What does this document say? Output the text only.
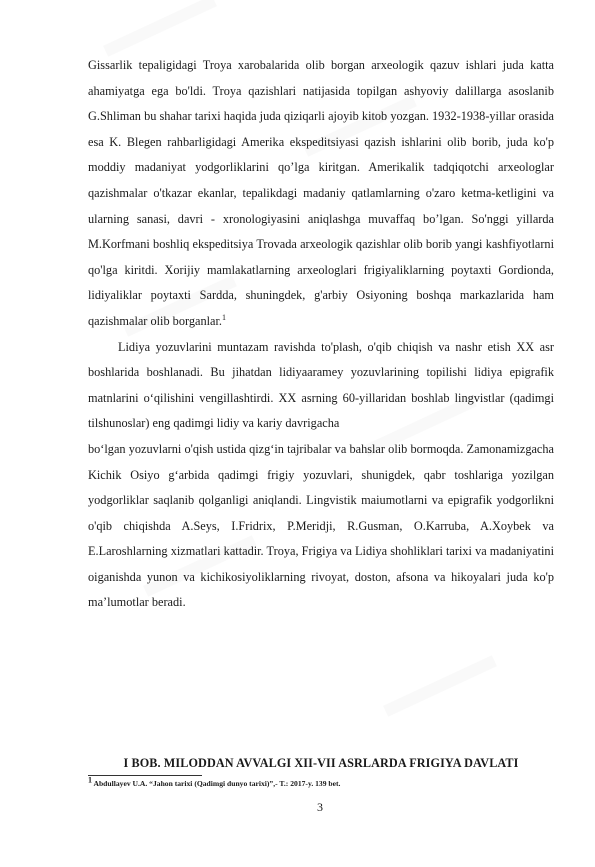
Gissarlik tepaligidagi Troya xarobalarida olib borgan arxeologik qazuv ishlari juda katta ahamiyatga ega bo'ldi. Troya qazishlari natijasida topilgan ashyoviy dalillarga asoslanib G.Shliman bu shahar tarixi haqida juda qiziqarli ajoyib kitob yozgan. 1932-1938-yillar orasida esa K. Blegen rahbarligidagi Amerika ekspeditsiyasi qazish ishlarini olib borib, juda ko'p moddiy madaniyat yodgorliklarini qo’lga kiritgan. Amerikalik tadqiqotchi arxeologlar qazishmalar o'tkazar ekanlar, tepalikdagi madaniy qatlamlarning o'zaro ketma-ketligini va ularning sanasi, davri - xronologiyasini aniqlashga muvaffaq bo’lgan. So'nggi yillarda M.Korfmani boshliq ekspeditsiya Trovada arxeologik qazishlar olib borib yangi kashfiyotlarni qo'lga kiritdi. Xorijiy mamlakatlarning arxeologlari frigiyaliklarning poytaxti Gordionda, lidiyaliklar poytaxti Sardda, shuningdek, g'arbiy Osiyoning boshqa markazlarida ham qazishmalar olib borganlar.$^1$

Lidiya yozuvlarini muntazam ravishda to'plash, o'qib chiqish va nashr etish XX asr boshlarida boshlanadi. Bu jihatdan lidiyaaramey yozuvlarining topilishi lidiya epigrafik matnlarini o‘qilishini vengillashtirdi. XX asrning 60-yillaridan boshlab lingvistlar (qadimgi tilshunoslar) eng qadimgi lidiy va kariy davrigacha

bo‘lgan yozuvlarni o'qish ustida qizg‘in tajribalar va bahslar olib bormoqda. Zamonamizgacha Kichik Osiyo g‘arbida qadimgi frigiy yozuvlari, shunigdek, qabr toshlariga yozilgan yodgorliklar saqlanib qolganligi aniqlandi. Lingvistik maiumotlarni va epigrafik yodgorlikni o'qib chiqishda A.Seys, I.Fridrix, P.Meridji, R.Gusman, O.Karruba, A.Xoybek va E.Laroshlarning xizmatlari kattadir. Troya, Frigiya va Lidiya shohliklari tarixi va madaniyatini oiganishda yunon va kichikosiyoliklarning rivoyat, doston, afsona va hikoyalari juda ko'p ma’lumotlar beradi.

I BOB. MILODDAN AVVALGI XII-VII ASRLARDA FRIGIYA DAVLATI
$^1$ Abdullayev U.A. “Jahon tarixi (Qadimgi dunyo tarixi)”,- T.: 2017-y. 139 bet.
3
